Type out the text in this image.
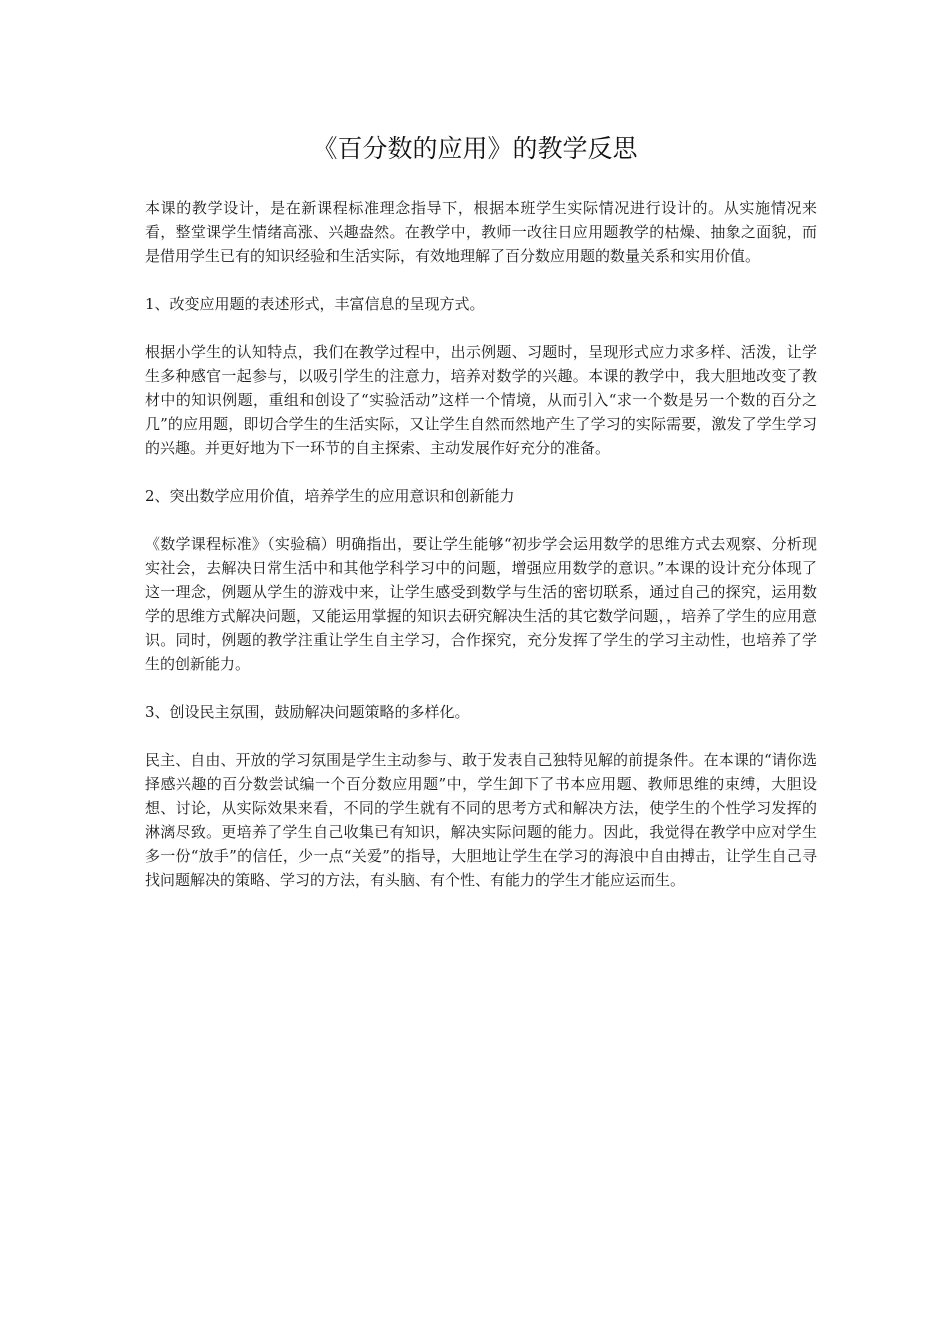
《百分数的应用》的教学反思

本课的教学设计，是在新课程标准理念指导下，根据本班学生实际情况进行设计的。从实施情况来看，整堂课学生情绪高涨、兴趣盎然。在教学中，教师一改往日应用题教学的枯燥、抽象之面貌，而是借用学生已有的知识经验和生活实际，有效地理解了百分数应用题的数量关系和实用价值。

1、改变应用题的表述形式，丰富信息的呈现方式。

根据小学生的认知特点，我们在教学过程中，出示例题、习题时，呈现形式应力求多样、活泼，让学生多种感官一起参与，以吸引学生的注意力，培养对数学的兴趣。本课的教学中，我大胆地改变了教材中的知识例题，重组和创设了“实验活动”这样一个情境，从而引入“求一个数是另一个数的百分之几”的应用题，即切合学生的生活实际，又让学生自然而然地产生了学习的实际需要，激发了学生学习的兴趣。并更好地为下一环节的自主探索、主动发展作好充分的准备。

2、突出数学应用价值，培养学生的应用意识和创新能力

《数学课程标准》（实验稿）明确指出，要让学生能够“初步学会运用数学的思维方式去观察、分析现实社会，去解决日常生活中和其他学科学习中的问题，增强应用数学的意识。”本课的设计充分体现了这一理念，例题从学生的游戏中来，让学生感受到数学与生活的密切联系，通过自己的探究，运用数学的思维方式解决问题，又能运用掌握的知识去研究解决生活的其它数学问题，，培养了学生的应用意识。同时，例题的教学注重让学生自主学习，合作探究，充分发挥了学生的学习主动性，也培养了学生的创新能力。

3、创设民主氛围，鼓励解决问题策略的多样化。

民主、自由、开放的学习氛围是学生主动参与、敢于发表自己独特见解的前提条件。在本课的“请你选择感兴趣的百分数尝试编一个百分数应用题”中，学生卸下了书本应用题、教师思维的束缚，大胆设想、讨论，从实际效果来看，不同的学生就有不同的思考方式和解决方法，使学生的个性学习发挥的淋漓尽致。更培养了学生自己收集已有知识，解决实际问题的能力。因此，我觉得在教学中应对学生多一份“放手”的信任，少一点“关爱”的指导，大胆地让学生在学习的海浪中自由搏击，让学生自己寻找问题解决的策略、学习的方法，有头脑、有个性、有能力的学生才能应运而生。
